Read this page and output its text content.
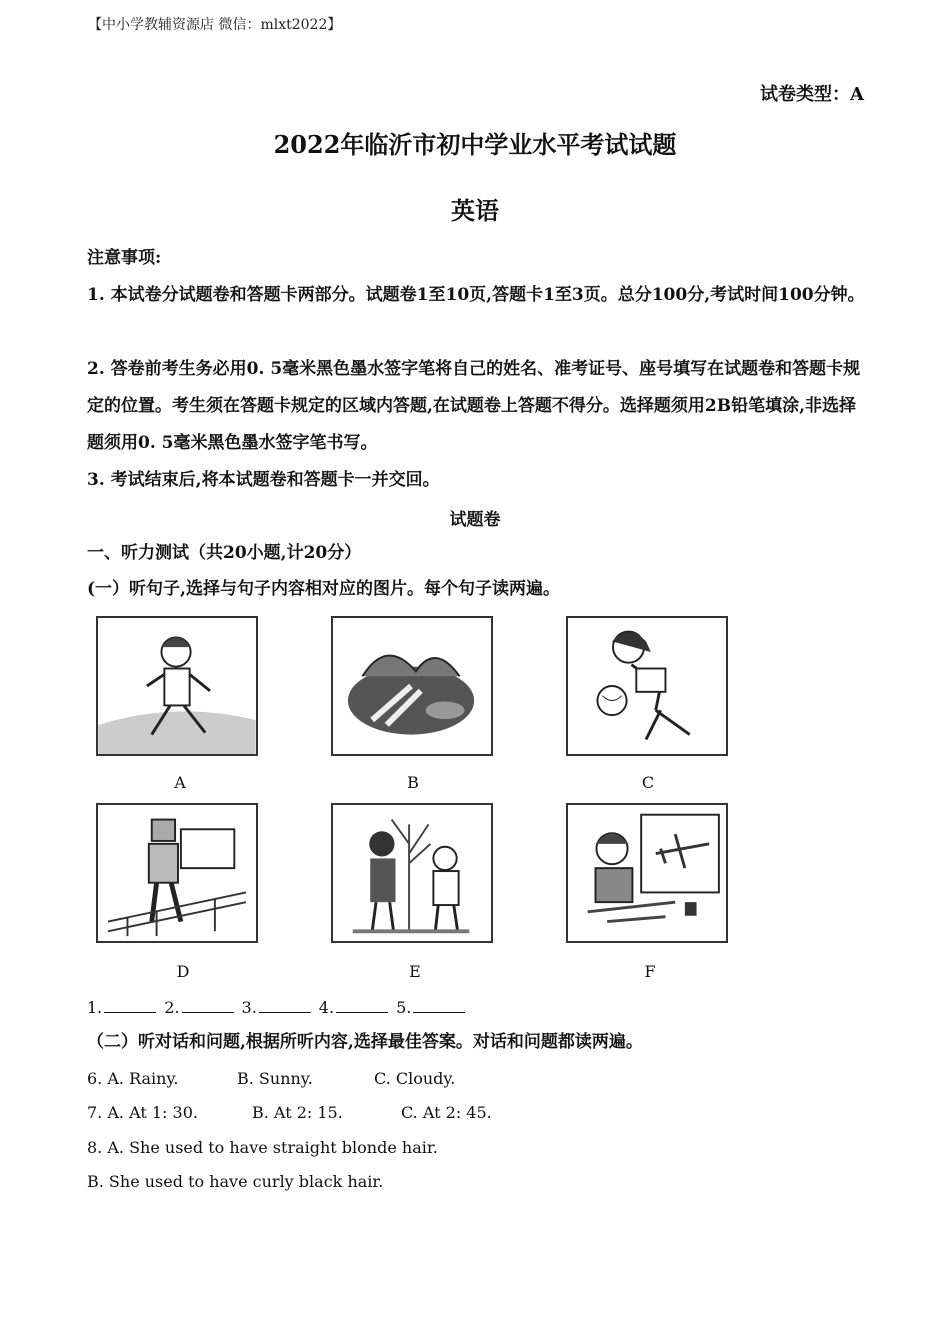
【中小学教辅资源店 微信：mlxt2022】
试卷类型：A
2022年临沂市初中学业水平考试试题
英语
注意事项:
1. 本试卷分试题卷和答题卡两部分。试题卷1至10页,答题卡1至3页。总分100分,考试时间100分钟。
2. 答卷前考生务必用0. 5毫米黑色墨水签字笔将自己的姓名、准考证号、座号填写在试题卷和答题卡规定的位置。考生须在答题卡规定的区域内答题,在试题卷上答题不得分。选择题须用2B铅笔填涂,非选择题须用0. 5毫米黑色墨水签字笔书写。
3. 考试结束后,将本试题卷和答题卡一并交回。
试题卷
一、听力测试（共20小题,计20分）
(一）听句子,选择与句子内容相对应的图片。每个句子读两遍。
A	B	C
D	E	F
1.	2.	3.	4.	5.
（二）听对话和问题,根据所听内容,选择最佳答案。对话和问题都读两遍。
6. A. Rainy.	B. Sunny.	C. Cloudy.
7. A. At 1: 30.	B. At 2: 15.	C. At 2: 45.
8. A. She used to have straight blonde hair.
B. She used to have curly black hair.
